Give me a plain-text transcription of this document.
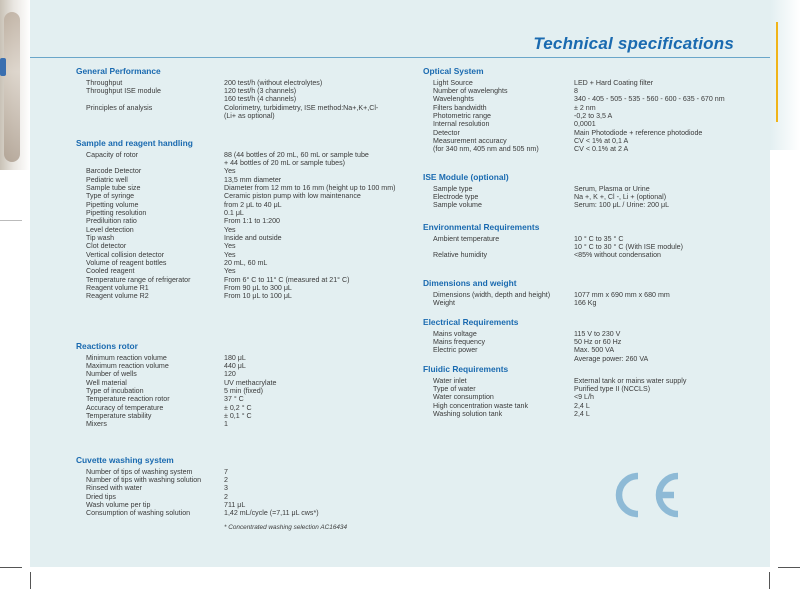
Technical specifications
General Performance
Throughput	200 test/h (without electrolytes)
Throughput ISE module	120 test/h (3 channels)
160 test/h (4 channels)
Principles of analysis	Colorimetry, turbidimetry, ISE method:Na+,K+,Cl-
(Li+ as optional)
Sample and reagent handling
Capacity of rotor	88 (44 bottles of 20 mL, 60 mL or sample tube
+ 44 bottles of 20 mL or sample tubes)
Barcode Detector	Yes
Pediatric well	13,5 mm diameter
Sample tube size	Diameter from 12 mm to 16 mm (height up to 100 mm)
Type of syringe	Ceramic piston pump with low maintenance
Pipetting volume	from 2 μL to 40 μL
Pipetting resolution	0.1 μL
Prediluition ratio	From 1:1 to 1:200
Level detection	Yes
Tip wash	Inside and outside
Clot detector	Yes
Vertical collision detector	Yes
Volume of reagent bottles	20 mL, 60 mL
Cooled reagent	Yes
Temperature range of refrigerator	From 6° C to 11° C (measured at 21° C)
Reagent volume R1	From 90 μL to 300 μL
Reagent volume R2	From 10 μL to 100 μL
Reactions rotor
Minimum reaction volume	180 μL
Maximum reaction volume	440 μL
Number of wells	120
Well material	UV methacrylate
Type of incubation	5 min (fixed)
Temperature reaction rotor	37 ° C
Accuracy of temperature	± 0,2 ° C
Temperature stability	± 0,1 ° C
Mixers	1
Cuvette washing system
Number of tips of washing system	7
Number of tips with washing solution	2
Rinsed with water	3
Dried tips	2
Wash volume per tip	711 μL
Consumption of washing solution	1,42 mL/cycle (=7,11 μL cws*)
* Concentrated washing selection AC16434
Optical System
Light Source	LED + Hard Coating filter
Number of wavelenghts	8
Wavelenghts	340 - 405 - 505 - 535 - 560 - 600 - 635 - 670 nm
Filters bandwidth	± 2 nm
Photometric range	-0,2 to 3,5 A
Internal resolution	0,0001
Detector	Main Photodiode + reference photodiode
Measurement accuracy	CV < 1% at 0,1 A
(for 340 nm, 405 nm and 505 nm)	CV < 0.1% at 2 A
ISE Module (optional)
Sample type	Serum, Plasma or Urine
Electrode type	Na +, K +, Cl -, Li + (optional)
Sample volume	Serum: 100 μL / Urine: 200 μL
Environmental Requirements
Ambient temperature	10 ° C to 35 ° C
10 ° C to 30 ° C (With ISE module)
Relative humidity	<85% without condensation
Dimensions and weight
Dimensions (width, depth and height)	1077 mm x 690 mm x 680 mm
Weight	166 Kg
Electrical Requirements
Mains voltage	115 V to 230 V
Mains frequency	50 Hz or 60 Hz
Electric power	Max. 500 VA
Average power: 260 VA
Fluidic Requirements
Water inlet	External tank or mains water supply
Type of water	Purified type II (NCCLS)
Water consumption	<9 L/h
High concentration waste tank	2,4 L
Washing solution tank	2,4 L
